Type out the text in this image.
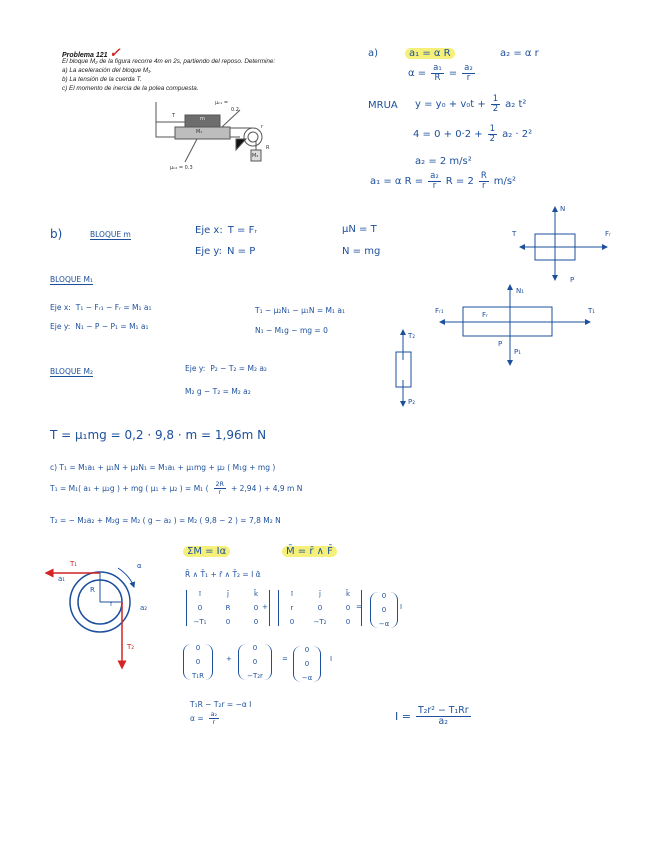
Problema 121 ✓
El bloque M₂ de la figura recorre 4m en 2s, partiendo del reposo. Determine:
a) La aceleración del bloque M₁.
b) La tensión de la cuerda T.
c) El momento de inercia de la polea compuesta.
T	m
M₁
M₂
μₖ₁ =
0.2
μₖ₂ = 0.3
r
R
a)	a₁ = α R	a₂ = α r
$\alpha = \frac{\text{a₁}}{R} = \frac{\text{a₂}}{r}$
MRUA $y = y_0 + v_0t + \frac{1}{2} a_2$ t²
$4 = 0 + 0\cdot 2 + \frac{1}{2} a_2 \cdot 2^2$
a₂ = 2 m/s²
a₁ = α $R = \frac{\text{a₂}}{r}$ $R = 2 \frac{R}{r} m/s^2$
b)	BLOQUE m	Eje x: T = Fᵣ
Eje y: N = P
μN = T
N = mg
N
T	Fᵣ
P
BLOQUE M₁
Eje x: T₁ − Fᵣ₁ − Fᵣ = M₁ a₁
Eje y: N₁ − P − P₁ = M₁ a₁
T₁ − μ₂N₁ − μ₁N = M₁ a₁
N₁ − M₁g − mg = 0
N₁
Fᵣ₁	Fᵣ	T₁
P
P₁
T₂
P₂
BLOQUE M₂	Eje y: P₂ − T₂ = M₂ a₂
M₂ g − T₂ = M₂ a₂
T = μ₁mg = 0,2 · 9,8 · m = 1,96m N
c) T₁ = M₁a₁ + μ₁N + μ₂N₁ = M₁a₁ + μ₁mg + μ₂ ( M₁g + mg )
T₁ = M₁( a₁ + μ₂g ) + mg ( μ₁ + μ₂ ) = M₁ ( $\frac{2R}{r} + 2,94$ ) + 4,9 m N
T₂ = − M₂a₂ + M₂g = M₂ ( g − a₂ ) = M₂ ( 9,8 − 2 ) = 7,8 M₂ N
T₁
T₂
a₁
a₂
α
R
r
ΣM = Iα	M̄ = r̄ ∧ F̄
R̄ ∧ T̄₁ + r̄ ∧ T̄₂ = I ᾱ
ī	j̄	k̄
0	R	0
−T₁	0	0
+
ī	j̄	k̄
r	0	0
0	−T₂	0
=
0
0
−α
I
0
0
T₁R
+
0
0
−T₂r
=
0
0
−α
I
T₁R − T₂r = −α I
$\alpha = \frac{\text{a₂}}{r}$	$I = \frac{\text{T₂r² − T₁Rr}}{\text{a₂}}$
